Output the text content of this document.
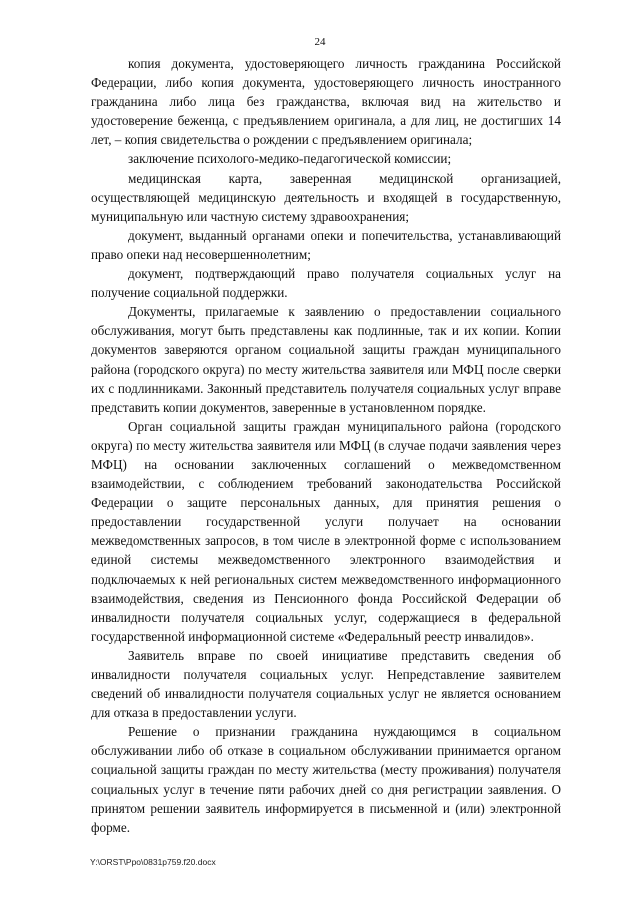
24

копия документа, удостоверяющего личность гражданина Российской Федерации, либо копия документа, удостоверяющего личность иностранного гражданина либо лица без гражданства, включая вид на жительство и удостоверение беженца, с предъявлением оригинала, а для лиц, не достигших 14 лет, – копия свидетельства о рождении с предъявлением оригинала;

заключение психолого-медико-педагогической комиссии;

медицинская карта, заверенная медицинской организацией, осуществляющей медицинскую деятельность и входящей в государственную, муниципальную или частную систему здравоохранения;

документ, выданный органами опеки и попечительства, устанавливающий право опеки над несовершеннолетним;

документ, подтверждающий право получателя социальных услуг на получение социальной поддержки.

Документы, прилагаемые к заявлению о предоставлении социального обслуживания, могут быть представлены как подлинные, так и их копии. Копии документов заверяются органом социальной защиты граждан муниципального района (городского округа) по месту жительства заявителя или МФЦ после сверки их с подлинниками. Законный представитель получателя социальных услуг вправе представить копии документов, заверенные в установленном порядке.

Орган социальной защиты граждан муниципального района (городского округа) по месту жительства заявителя или МФЦ (в случае подачи заявления через МФЦ) на основании заключенных соглашений о межведомственном взаимодействии, с соблюдением требований законодательства Российской Федерации о защите персональных данных, для принятия решения о предоставлении государственной услуги получает на основании межведомственных запросов, в том числе в электронной форме с использованием единой системы межведомственного электронного взаимодействия и подключаемых к ней региональных систем межведомственного информационного взаимодействия, сведения из Пенсионного фонда Российской Федерации об инвалидности получателя социальных услуг, содержащиеся в федеральной государственной информационной системе «Федеральный реестр инвалидов».

Заявитель вправе по своей инициативе представить сведения об инвалидности получателя социальных услуг. Непредставление заявителем сведений об инвалидности получателя социальных услуг не является основанием для отказа в предоставлении услуги.

Решение о признании гражданина нуждающимся в социальном обслуживании либо об отказе в социальном обслуживании принимается органом социальной защиты граждан по месту жительства (месту проживания) получателя социальных услуг в течение пяти рабочих дней со дня регистрации заявления. О принятом решении заявитель информируется в письменной и (или) электронной форме.

Y:\ORST\Ppo\0831p759.f20.docx
